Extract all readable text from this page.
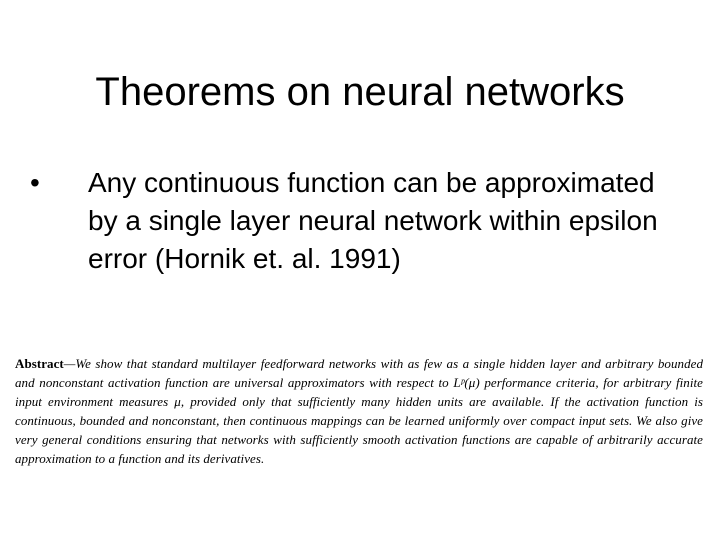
Theorems on neural networks
•	Any continuous function can be approximated by a single layer neural network within epsilon error (Hornik et. al. 1991)
Abstract—We show that standard multilayer feedforward networks with as few as a single hidden layer and arbitrary bounded and nonconstant activation function are universal approximators with respect to Lᵖ(μ) performance criteria, for arbitrary finite input environment measures μ, provided only that sufficiently many hidden units are available. If the activation function is continuous, bounded and nonconstant, then continuous mappings can be learned uniformly over compact input sets. We also give very general conditions ensuring that networks with sufficiently smooth activation functions are capable of arbitrarily accurate approximation to a function and its derivatives.
